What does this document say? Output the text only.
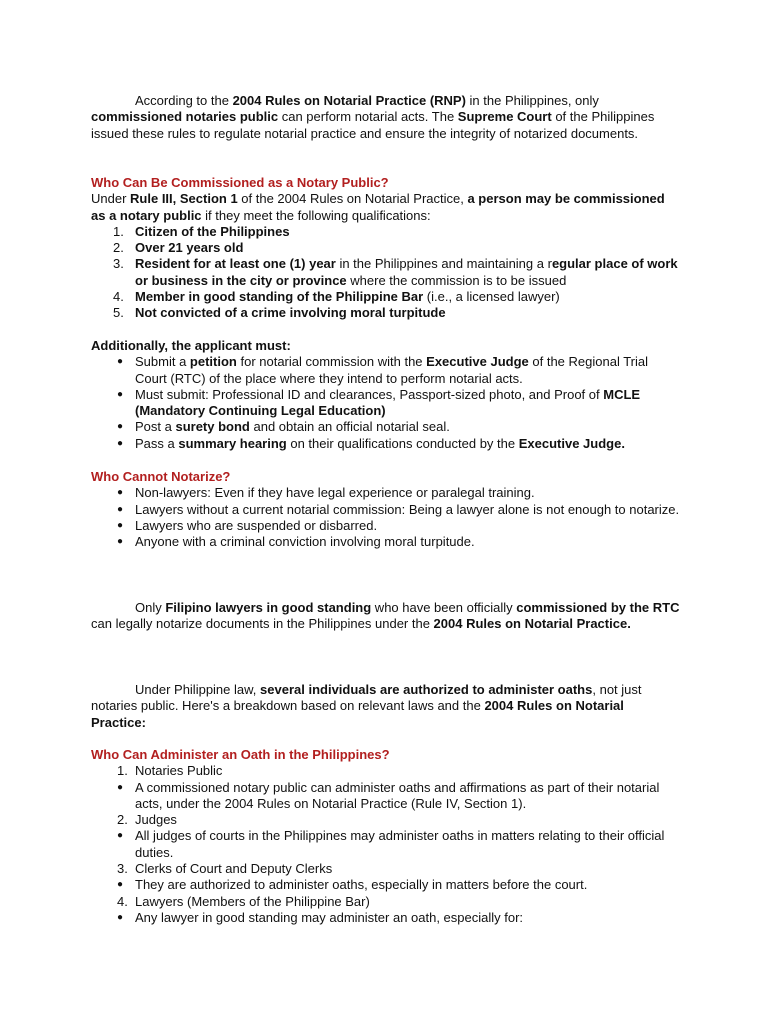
According to the 2004 Rules on Notarial Practice (RNP) in the Philippines, only commissioned notaries public can perform notarial acts. The Supreme Court of the Philippines issued these rules to regulate notarial practice and ensure the integrity of notarized documents.

Who Can Be Commissioned as a Notary Public?

Under Rule III, Section 1 of the 2004 Rules on Notarial Practice, a person may be commissioned as a notary public if they meet the following qualifications:

1. Citizen of the Philippines
2. Over 21 years old
3. Resident for at least one (1) year in the Philippines and maintaining a regular place of work or business in the city or province where the commission is to be issued
4. Member in good standing of the Philippine Bar (i.e., a licensed lawyer)
5. Not convicted of a crime involving moral turpitude

Additionally, the applicant must:

● Submit a petition for notarial commission with the Executive Judge of the Regional Trial Court (RTC) of the place where they intend to perform notarial acts.
● Must submit: Professional ID and clearances, Passport-sized photo, and Proof of MCLE (Mandatory Continuing Legal Education)
● Post a surety bond and obtain an official notarial seal.
● Pass a summary hearing on their qualifications conducted by the Executive Judge.
Who Cannot Notarize?
● Non-lawyers: Even if they have legal experience or paralegal training.
● Lawyers without a current notarial commission: Being a lawyer alone is not enough to notarize.
● Lawyers who are suspended or disbarred.
● Anyone with a criminal conviction involving moral turpitude.

Only Filipino lawyers in good standing who have been officially commissioned by the RTC can legally notarize documents in the Philippines under the 2004 Rules on Notarial Practice.

Under Philippine law, several individuals are authorized to administer oaths, not just notaries public. Here's a breakdown based on relevant laws and the 2004 Rules on Notarial Practice:

Who Can Administer an Oath in the Philippines?
1. Notaries Public
● A commissioned notary public can administer oaths and affirmations as part of their notarial acts, under the 2004 Rules on Notarial Practice (Rule IV, Section 1).
2. Judges
● All judges of courts in the Philippines may administer oaths in matters relating to their official duties.
3. Clerks of Court and Deputy Clerks
● They are authorized to administer oaths, especially in matters before the court.
4. Lawyers (Members of the Philippine Bar)
● Any lawyer in good standing may administer an oath, especially for:
